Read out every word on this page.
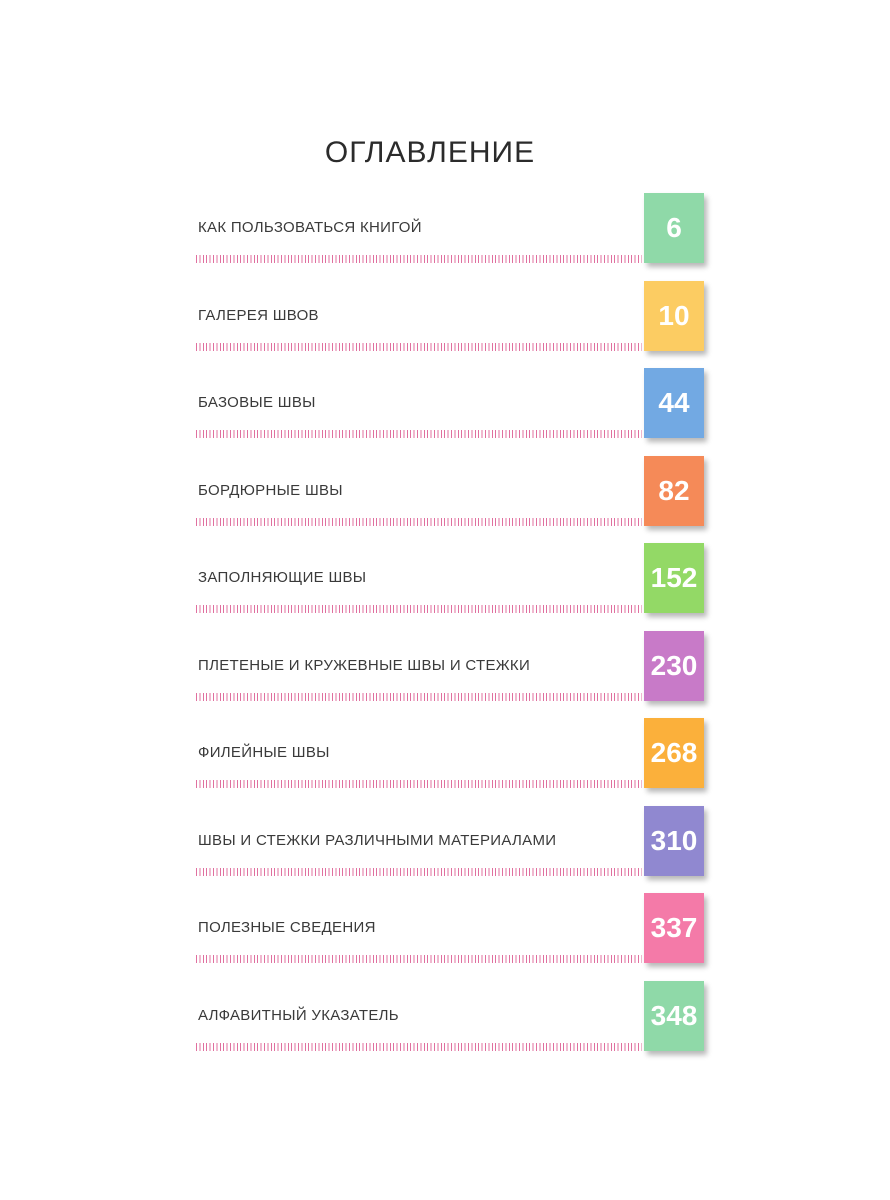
ОГЛАВЛЕНИЕ
КАК ПОЛЬЗОВАТЬСЯ КНИГОЙ	6
ГАЛЕРЕЯ ШВОВ	10
БАЗОВЫЕ ШВЫ	44
БОРДЮРНЫЕ ШВЫ	82
ЗАПОЛНЯЮЩИЕ ШВЫ	152
ПЛЕТЕНЫЕ И КРУЖЕВНЫЕ ШВЫ И СТЕЖКИ	230
ФИЛЕЙНЫЕ ШВЫ	268
ШВЫ И СТЕЖКИ РАЗЛИЧНЫМИ МАТЕРИАЛАМИ	310
ПОЛЕЗНЫЕ СВЕДЕНИЯ	337
АЛФАВИТНЫЙ УКАЗАТЕЛЬ	348
